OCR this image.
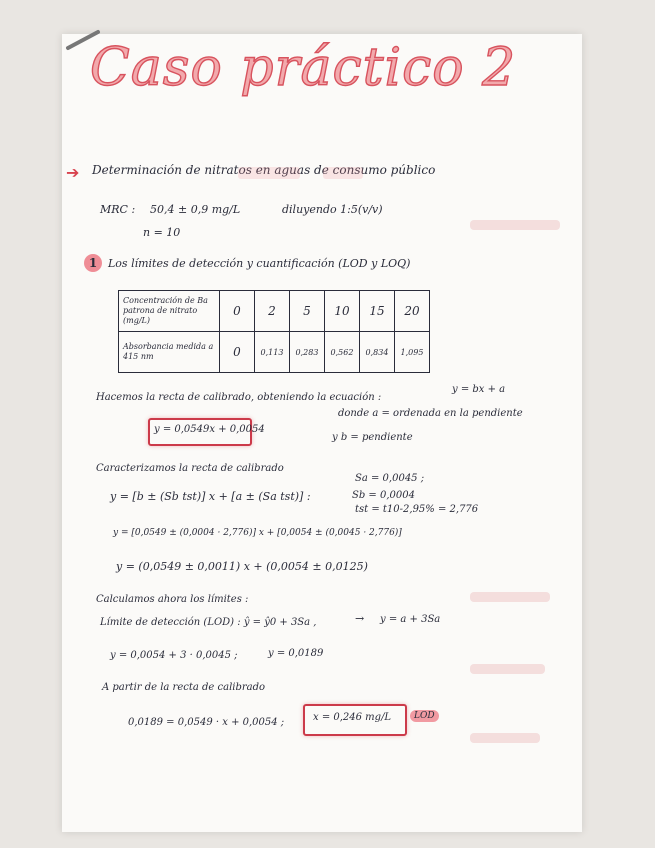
Caso práctico 2
➔ Determinación de nitratos en aguas de consumo público
MRC : 50,4 ± 0,9 mg/L	diluyendo 1:5(v/v)
n = 10
1 Los límites de detección y cuantificación (LOD y LOQ)
Concentración de Ba patrona de nitrato (mg/L)	0	2	5	10	15	20
Absorbancia medida a 415 nm	0	0,113	0,283	0,562	0,834	1,095
Hacemos la recta de calibrado, obteniendo la ecuación :
y = bx + a
y = 0,0549x + 0,0054
donde a = ordenada en la pendiente
y b = pendiente
Caracterizamos la recta de calibrado
y = [b ± (Sb tst)] x + [a ± (Sa tst)] :
Sa = 0,0045 ;
Sb = 0,0004
tst = t10-2,95% = 2,776
y = [0,0549 ± (0,0004 · 2,776)] x + [0,0054 ± (0,0045 · 2,776)]
y = (0,0549 ± 0,0011) x + (0,0054 ± 0,0125)
Calculamos ahora los límites :
Límite de detección (LOD) : ŷ = ŷ0 + 3Sa ,	→ y = a + 3Sa
y = 0,0054 + 3 · 0,0045 ;	y = 0,0189
A partir de la recta de calibrado
0,0189 = 0,0549 · x + 0,0054 ;	x = 0,246 mg/L	LOD
